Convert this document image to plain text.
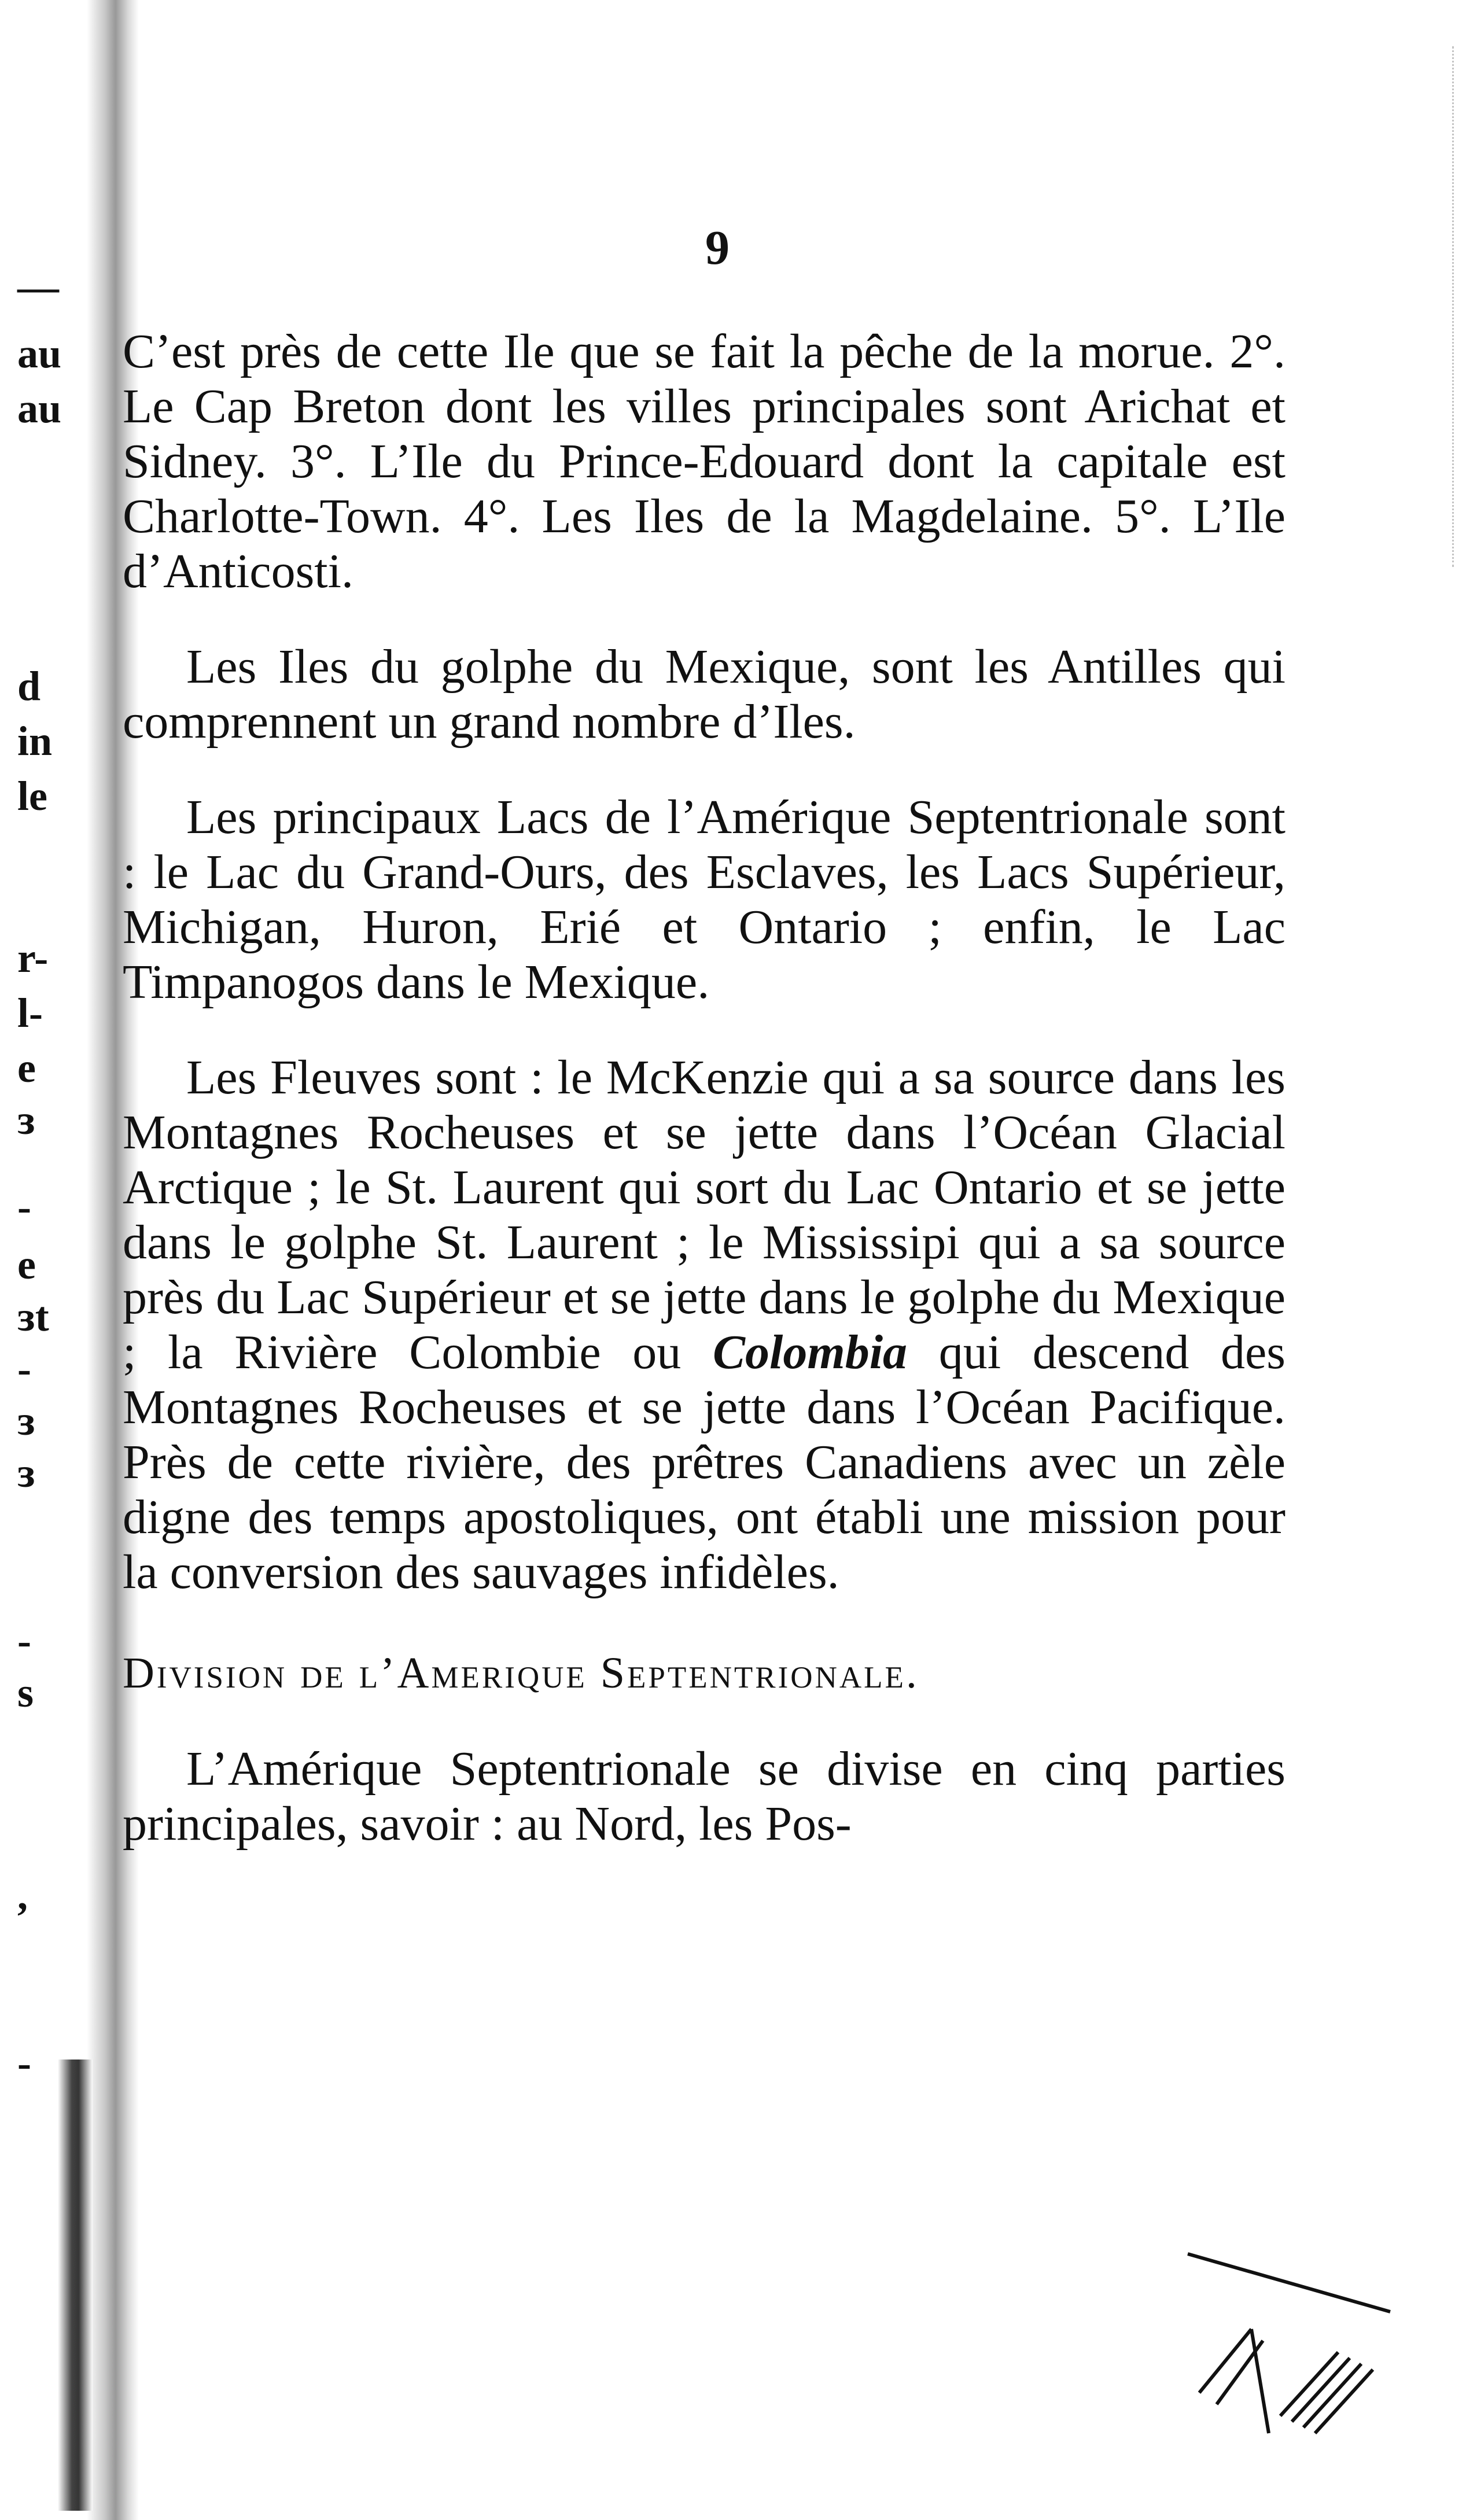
9
—
au
au
d
in
le
r-
l-
e
ɜ
-
e
ɜt
-
ɜ
ɜ
-
s
,
-

C’est près de cette Ile que se fait la pêche de la morue. 2°. Le Cap Breton dont les villes principales sont Arichat et Sidney. 3°. L’Ile du Prince-Edouard dont la capitale est Charlotte-Town. 4°. Les Iles de la Magdelaine. 5°. L’Ile d’Anticosti.

Les Iles du golphe du Mexique, sont les Antilles qui comprennent un grand nombre d’Iles.

Les principaux Lacs de l’Amérique Septentrionale sont : le Lac du Grand-Ours, des Esclaves, les Lacs Supérieur, Michigan, Huron, Erié et Ontario ; enfin, le Lac Timpanogos dans le Mexique.

Les Fleuves sont : le McKenzie qui a sa source dans les Montagnes Rocheuses et se jette dans l’Océan Glacial Arctique ; le St. Laurent qui sort du Lac Ontario et se jette dans le golphe St. Laurent ; le Mississipi qui a sa source près du Lac Supérieur et se jette dans le golphe du Mexique ; la Rivière Colombie ou Colombia qui descend des Montagnes Rocheuses et se jette dans l’Océan Pacifique. Près de cette rivière, des prêtres Canadiens avec un zèle digne des temps apostoliques, ont établi une mission pour la conversion des sauvages infidèles.

Division de l’Amerique Septentrionale.

L’Amérique Septentrionale se divise en cinq parties principales, savoir : au Nord, les Pos-
